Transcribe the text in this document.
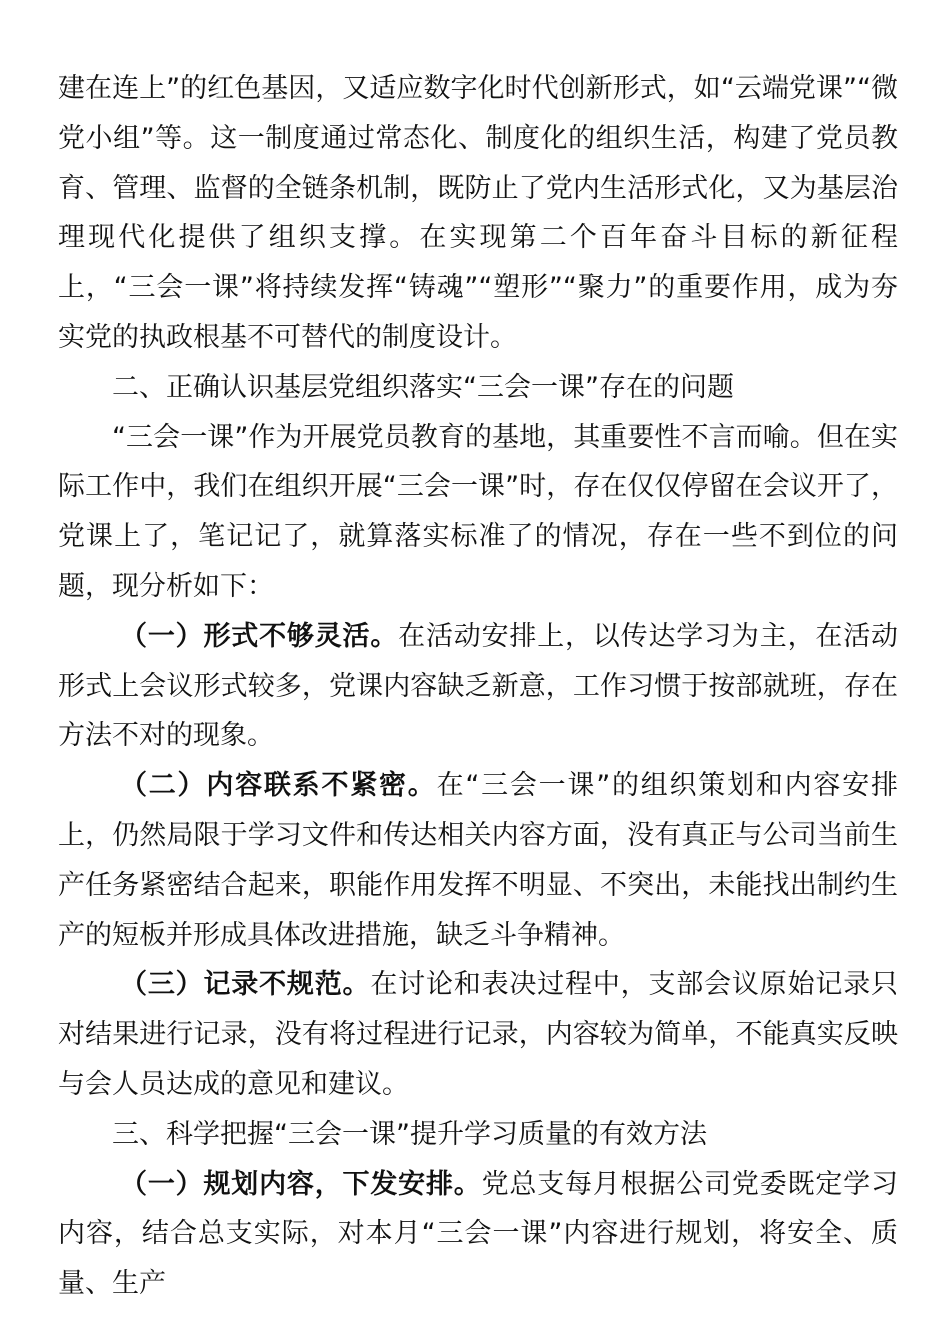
建在连上”的红色基因，又适应数字化时代创新形式，如“云端党课”“微党小组”等。这一制度通过常态化、制度化的组织生活，构建了党员教育、管理、监督的全链条机制，既防止了党内生活形式化，又为基层治理现代化提供了组织支撑。在实现第二个百年奋斗目标的新征程上，“三会一课”将持续发挥“铸魂”“塑形”“聚力”的重要作用，成为夯实党的执政根基不可替代的制度设计。

二、正确认识基层党组织落实“三会一课”存在的问题

“三会一课”作为开展党员教育的基地，其重要性不言而喻。但在实际工作中，我们在组织开展“三会一课”时，存在仅仅停留在会议开了，党课上了，笔记记了，就算落实标准了的情况，存在一些不到位的问题，现分析如下：

（一）形式不够灵活。在活动安排上，以传达学习为主，在活动形式上会议形式较多，党课内容缺乏新意，工作习惯于按部就班，存在方法不对的现象。

（二）内容联系不紧密。在“三会一课”的组织策划和内容安排上，仍然局限于学习文件和传达相关内容方面，没有真正与公司当前生产任务紧密结合起来，职能作用发挥不明显、不突出，未能找出制约生产的短板并形成具体改进措施，缺乏斗争精神。

（三）记录不规范。在讨论和表决过程中，支部会议原始记录只对结果进行记录，没有将过程进行记录，内容较为简单，不能真实反映与会人员达成的意见和建议。

三、科学把握“三会一课”提升学习质量的有效方法

（一）规划内容，下发安排。党总支每月根据公司党委既定学习内容，结合总支实际，对本月“三会一课”内容进行规划，将安全、质量、生产
